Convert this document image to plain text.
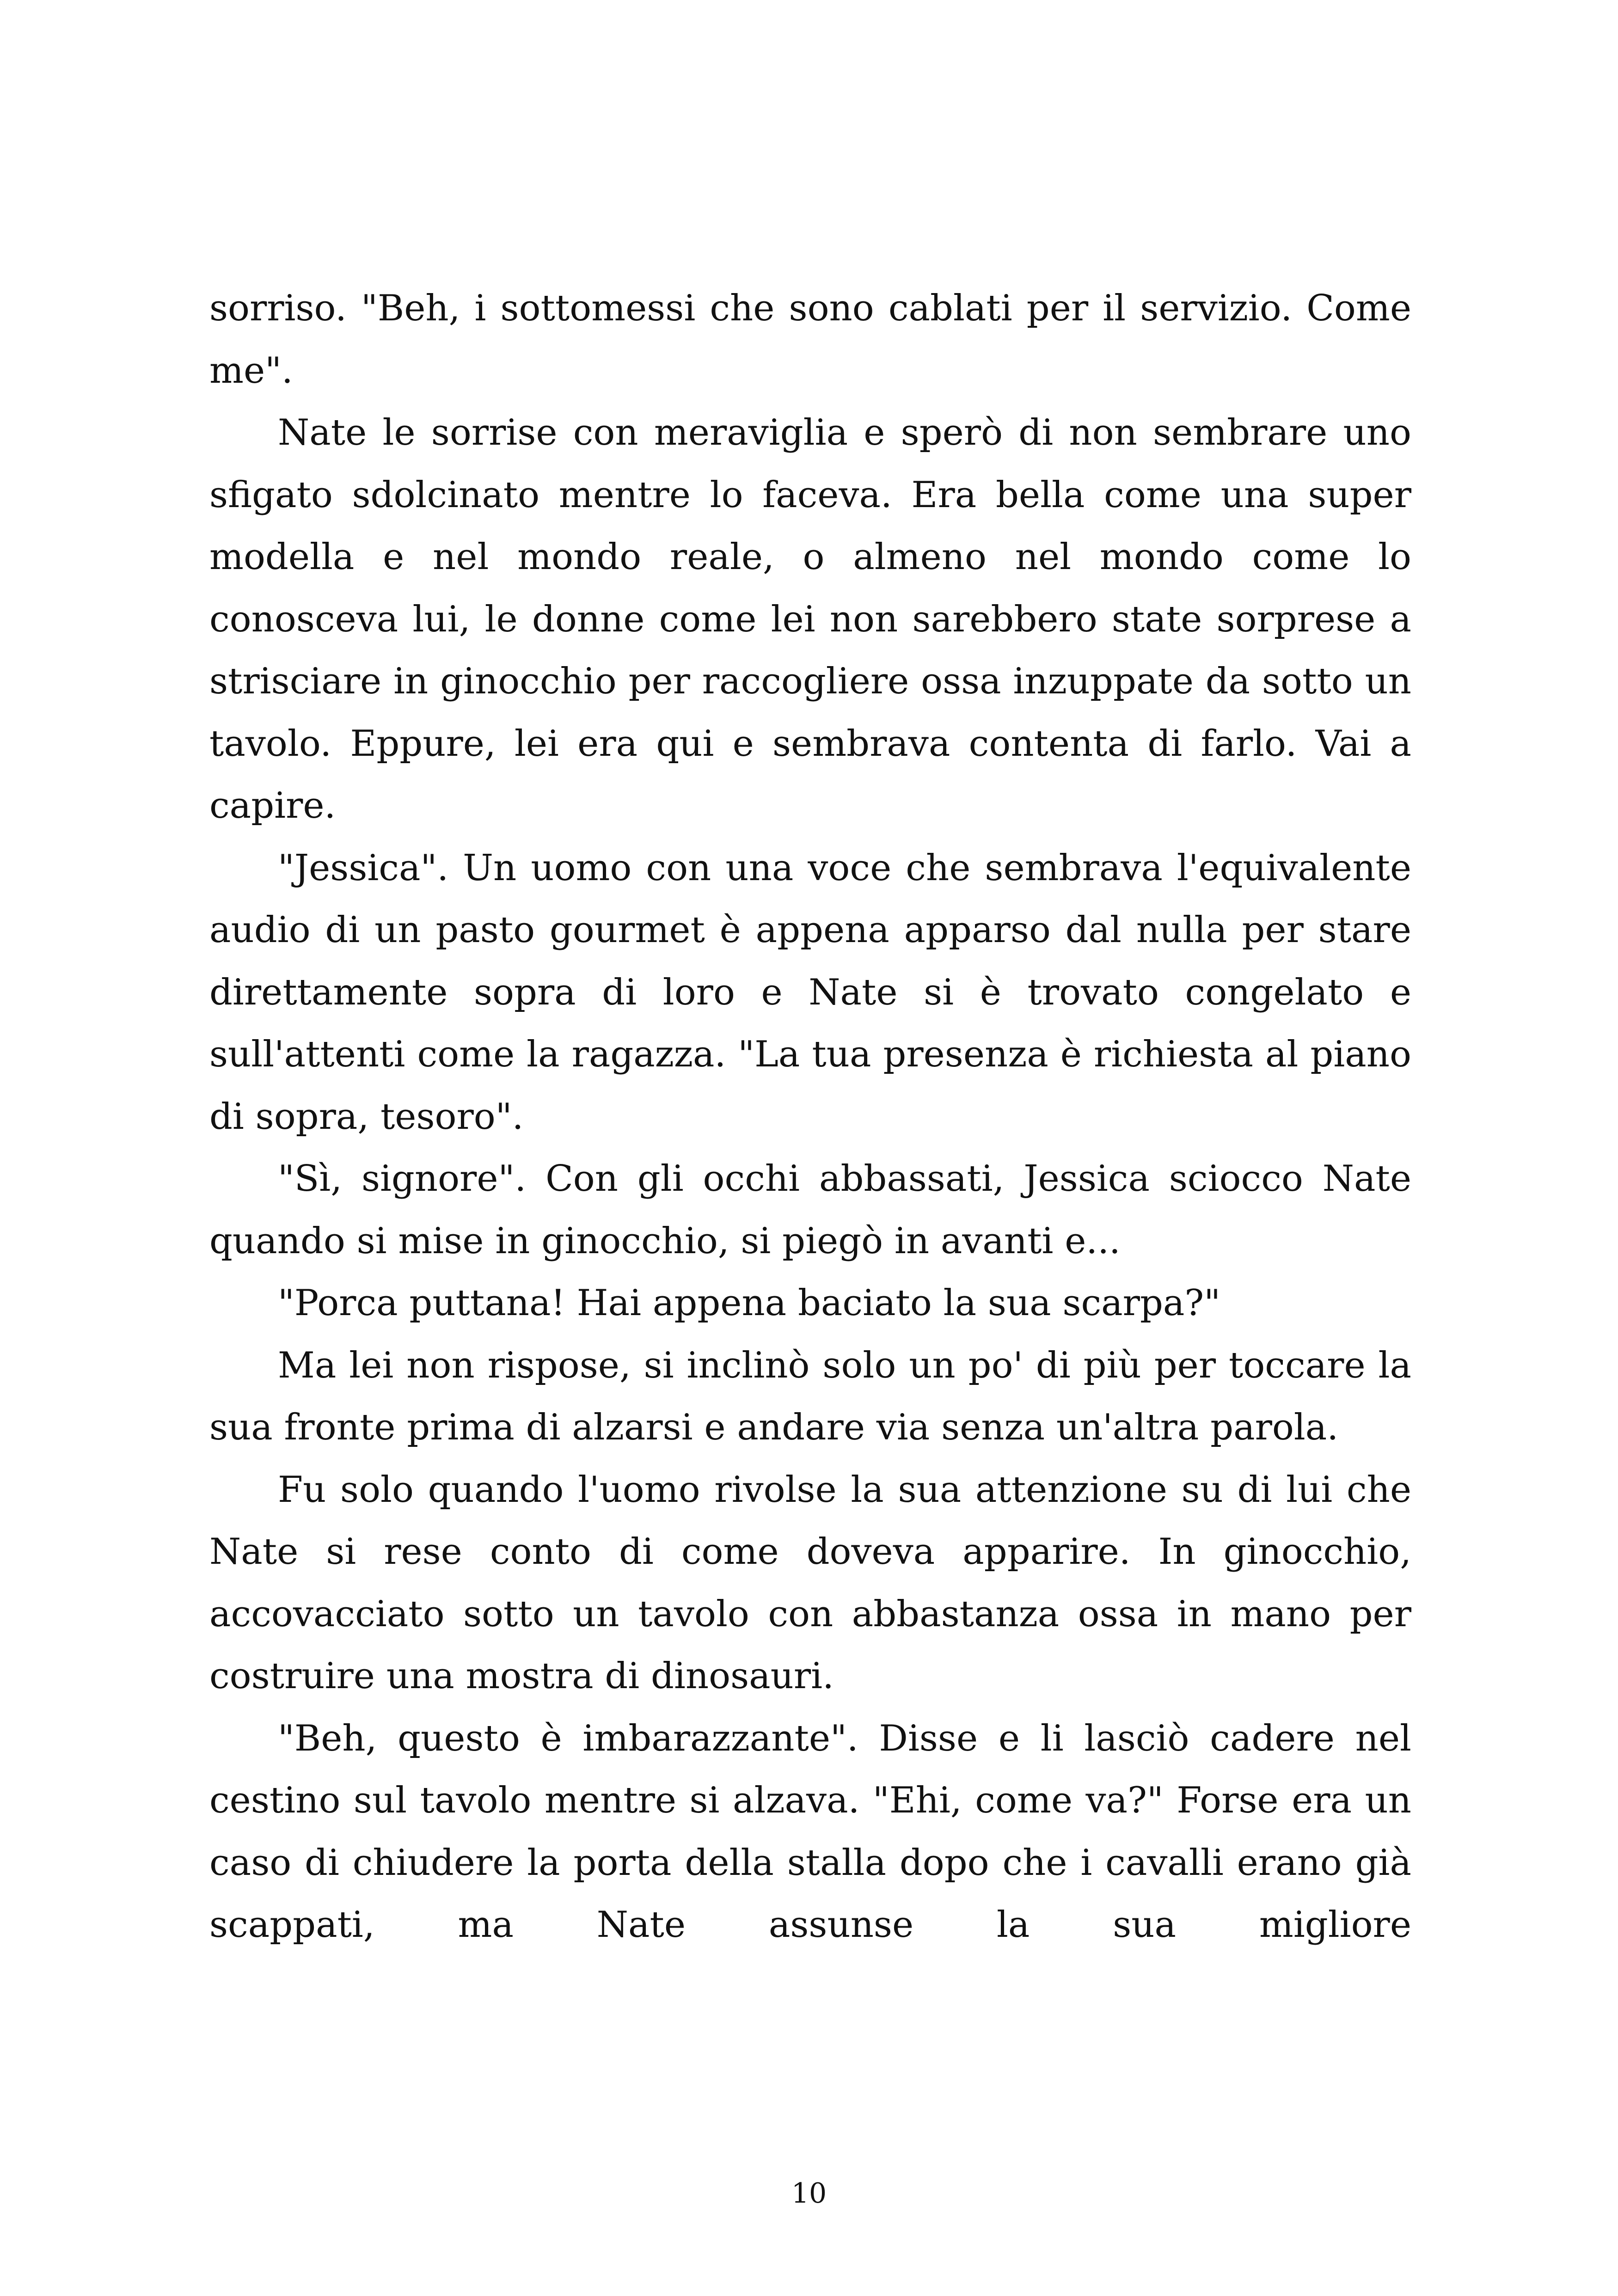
sorriso. "Beh, i sottomessi che sono cablati per il servizio. Come me".

Nate le sorrise con meraviglia e sperò di non sembrare uno sfigato sdolcinato mentre lo faceva. Era bella come una super modella e nel mondo reale, o almeno nel mondo come lo conosceva lui, le donne come lei non sarebbero state sorprese a strisciare in ginocchio per raccogliere ossa inzuppate da sotto un tavolo. Eppure, lei era qui e sembrava contenta di farlo. Vai a capire.

"Jessica". Un uomo con una voce che sembrava l'equivalente audio di un pasto gourmet è appena apparso dal nulla per stare direttamente sopra di loro e Nate si è trovato congelato e sull'attenti come la ragazza. "La tua presenza è richiesta al piano di sopra, tesoro".

"Sì, signore". Con gli occhi abbassati, Jessica sciocco Nate quando si mise in ginocchio, si piegò in avanti e...

"Porca puttana! Hai appena baciato la sua scarpa?"

Ma lei non rispose, si inclinò solo un po' di più per toccare la sua fronte prima di alzarsi e andare via senza un'altra parola.

Fu solo quando l'uomo rivolse la sua attenzione su di lui che Nate si rese conto di come doveva apparire. In ginocchio, accovacciato sotto un tavolo con abbastanza ossa in mano per costruire una mostra di dinosauri.

"Beh, questo è imbarazzante". Disse e li lasciò cadere nel cestino sul tavolo mentre si alzava. "Ehi, come va?" Forse era un caso di chiudere la porta della stalla dopo che i cavalli erano già scappati, ma Nate assunse la sua migliore

10
